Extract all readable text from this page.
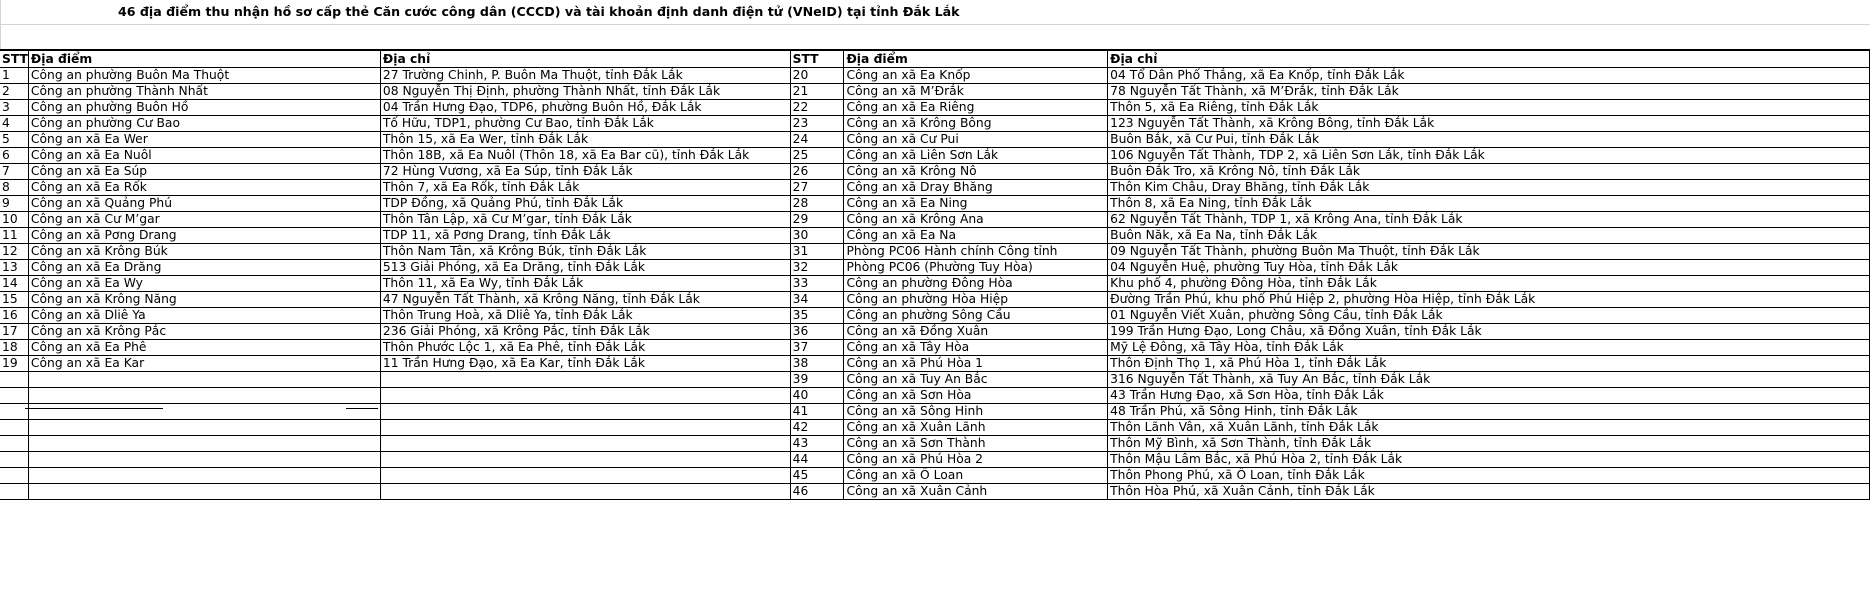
46 địa điểm thu nhận hồ sơ cấp thẻ Căn cước công dân (CCCD) và tài khoản định danh điện tử (VNeID) tại tỉnh Đắk Lắk
STT	Địa điểm	Địa chỉ	STT	Địa điểm	Địa chỉ
1	Công an phường Buôn Ma Thuột	27 Trường Chinh, P. Buôn Ma Thuột, tỉnh Đắk Lắk	20	Công an xã Ea Knốp	04 Tổ Dân Phố Thắng, xã Ea Knốp, tỉnh Đắk Lắk
2	Công an phường Thành Nhất	08 Nguyễn Thị Định, phường Thành Nhất, tỉnh Đắk Lắk	21	Công an xã M’Đrắk	78 Nguyễn Tất Thành, xã M’Đrắk, tỉnh Đắk Lắk
3	Công an phường Buôn Hồ	04 Trần Hưng Đạo, TDP6, phường Buôn Hồ, Đắk Lắk	22	Công an xã Ea Riêng	Thôn 5, xã Ea Riêng, tỉnh Đắk Lắk
4	Công an phường Cư Bao	Tố Hữu, TDP1, phường Cư Bao, tỉnh Đắk Lắk	23	Công an xã Krông Bông	123 Nguyễn Tất Thành, xã Krông Bông, tỉnh Đắk Lắk
5	Công an xã Ea Wer	Thôn 15, xã Ea Wer, tỉnh Đắk Lắk	24	Công an xã Cư Pui	Buôn Bắk, xã Cư Pui, tỉnh Đắk Lắk
6	Công an xã Ea Nuôl	Thôn 18B, xã Ea Nuôl (Thôn 18, xã Ea Bar cũ), tỉnh Đắk Lắk	25	Công an xã Liên Sơn Lắk	106 Nguyễn Tất Thành, TDP 2, xã Liên Sơn Lắk, tỉnh Đắk Lắk
7	Công an xã Ea Súp	72 Hùng Vương, xã Ea Súp, tỉnh Đắk Lắk	26	Công an xã Krông Nô	Buôn Đắk Tro, xã Krông Nô, tỉnh Đắk Lắk
8	Công an xã Ea Rốk	Thôn 7, xã Ea Rốk, tỉnh Đắk Lắk	27	Công an xã Dray Bhăng	Thôn Kim Châu, Dray Bhăng, tỉnh Đắk Lắk
9	Công an xã Quảng Phú	TDP Đồng, xã Quảng Phú, tỉnh Đắk Lắk	28	Công an xã Ea Ning	Thôn 8, xã Ea Ning, tỉnh Đắk Lắk
10	Công an xã Cư M’gar	Thôn Tân Lập, xã Cư M’gar, tỉnh Đắk Lắk	29	Công an xã Krông Ana	62 Nguyễn Tất Thành, TDP 1, xã Krông Ana, tỉnh Đắk Lắk
11	Công an xã Pơng Drang	TDP 11, xã Pơng Drang, tỉnh Đắk Lắk	30	Công an xã Ea Na	Buôn Năk, xã Ea Na, tỉnh Đắk Lắk
12	Công an xã Krông Búk	Thôn Nam Tân, xã Krông Búk, tỉnh Đắk Lắk	31	Phòng PC06 Hành chính Công tỉnh	09 Nguyễn Tất Thành, phường Buôn Ma Thuột, tỉnh Đắk Lắk
13	Công an xã Ea Drăng	513 Giải Phóng, xã Ea Drăng, tỉnh Đắk Lắk	32	Phòng PC06 (Phường Tuy Hòa)	04 Nguyễn Huệ, phường Tuy Hòa, tỉnh Đắk Lắk
14	Công an xã Ea Wy	Thôn 11, xã Ea Wy, tỉnh Đắk Lắk	33	Công an phường Đông Hòa	Khu phố 4, phường Đông Hòa, tỉnh Đắk Lắk
15	Công an xã Krông Năng	47 Nguyễn Tất Thành, xã Krông Năng, tỉnh Đắk Lắk	34	Công an phường Hòa Hiệp	Đường Trần Phú, khu phố Phú Hiệp 2, phường Hòa Hiệp, tỉnh Đắk Lắk
16	Công an xã Dliê Ya	Thôn Trung Hoà, xã Dliê Ya, tỉnh Đắk Lắk	35	Công an phường Sông Cầu	01 Nguyễn Viết Xuân, phường Sông Cầu, tỉnh Đắk Lắk
17	Công an xã Krông Pắc	236 Giải Phóng, xã Krông Pắc, tỉnh Đắk Lắk	36	Công an xã Đồng Xuân	199 Trần Hưng Đạo, Long Châu, xã Đồng Xuân, tỉnh Đắk Lắk
18	Công an xã Ea Phê	Thôn Phước Lộc 1, xã Ea Phê, tỉnh Đắk Lắk	37	Công an xã Tây Hòa	Mỹ Lệ Đông, xã Tây Hòa, tỉnh Đắk Lắk
19	Công an xã Ea Kar	11 Trần Hưng Đạo, xã Ea Kar, tỉnh Đắk Lắk	38	Công an xã Phú Hòa 1	Thôn Định Thọ 1, xã Phú Hòa 1, tỉnh Đắk Lắk
			39	Công an xã Tuy An Bắc	316 Nguyễn Tất Thành, xã Tuy An Bắc, tỉnh Đắk Lắk
			40	Công an xã Sơn Hòa	43 Trần Hưng Đạo, xã Sơn Hòa, tỉnh Đắk Lắk
			41	Công an xã Sông Hinh	48 Trần Phú, xã Sông Hinh, tỉnh Đắk Lắk
			42	Công an xã Xuân Lãnh	Thôn Lãnh Vân, xã Xuân Lãnh, tỉnh Đắk Lắk
			43	Công an xã Sơn Thành	Thôn Mỹ Bình, xã Sơn Thành, tỉnh Đắk Lắk
			44	Công an xã Phú Hòa 2	Thôn Mậu Lâm Bắc, xã Phú Hòa 2, tỉnh Đắk Lắk
			45	Công an xã Ô Loan	Thôn Phong Phú, xã Ô Loan, tỉnh Đắk Lắk
			46	Công an xã Xuân Cảnh	Thôn Hòa Phú, xã Xuân Cảnh, tỉnh Đắk Lắk
